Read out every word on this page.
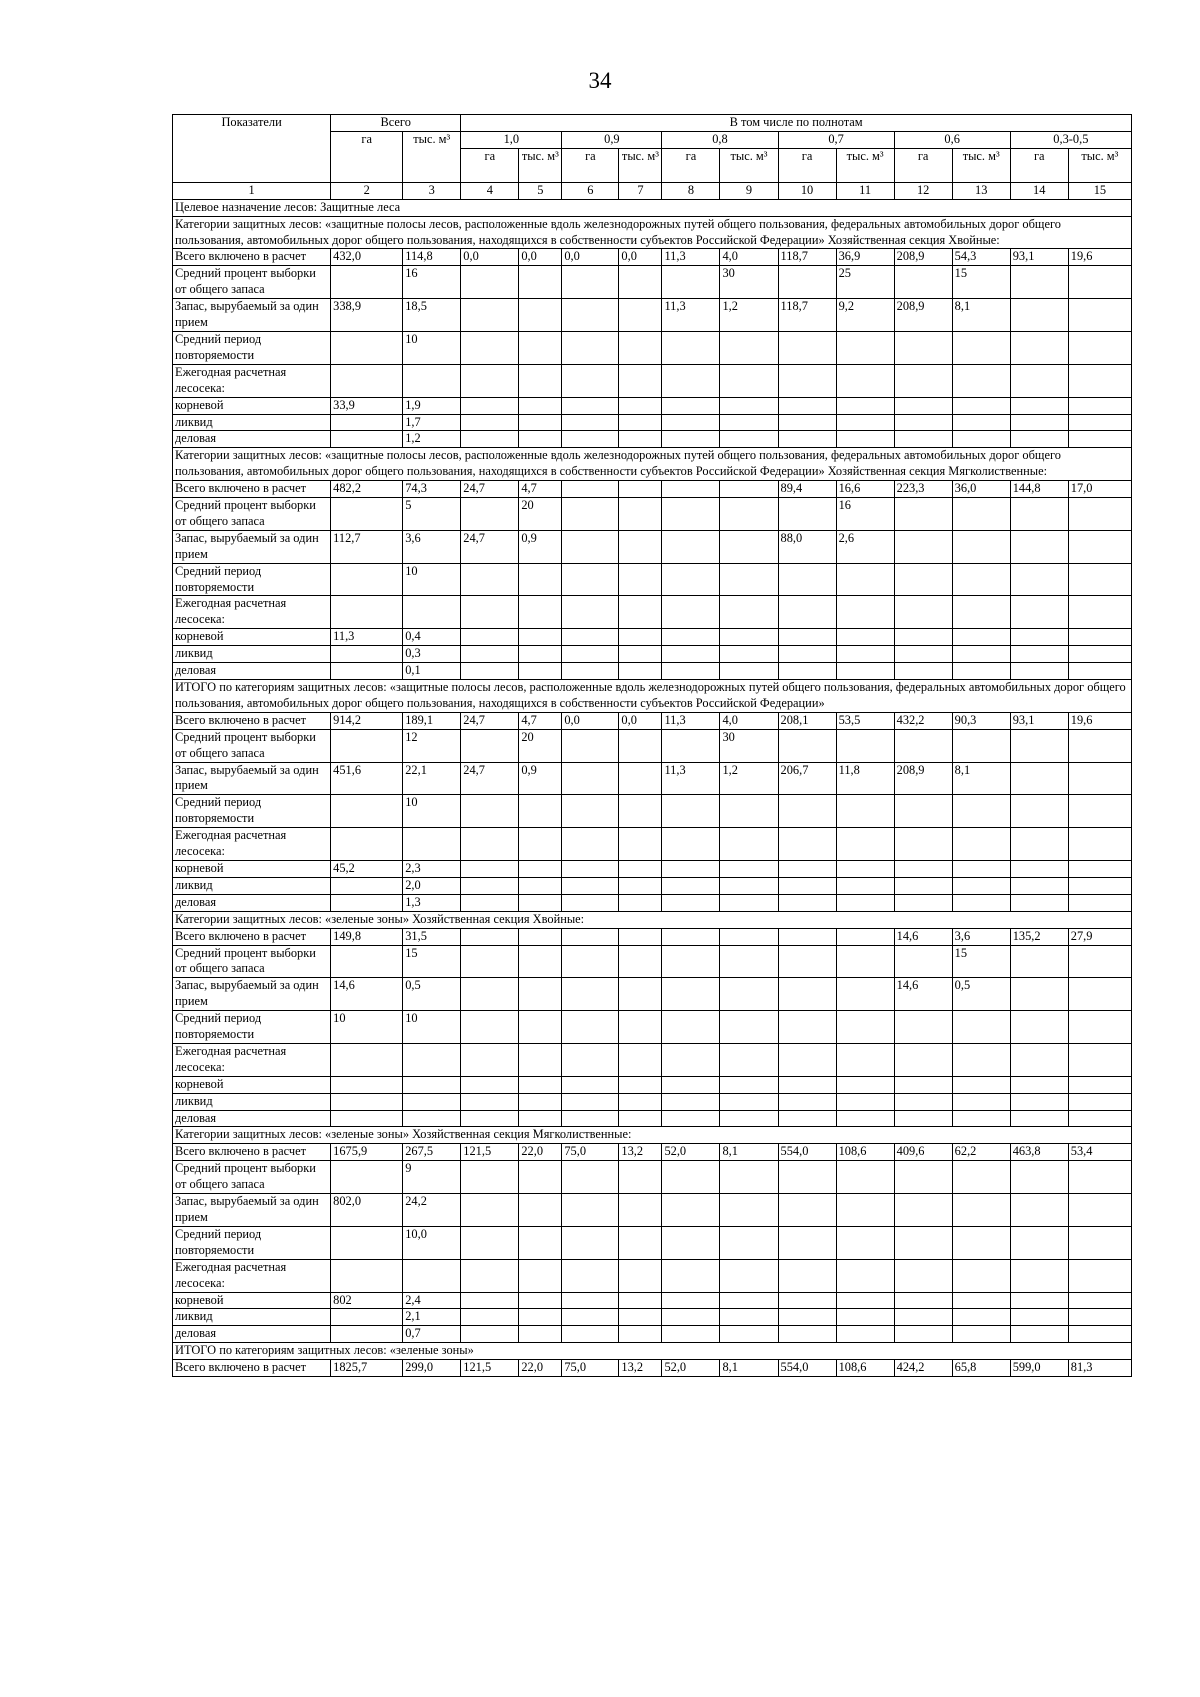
34
Показатели	Всего		В том числе по полнотам											
	га	тыс. м³	1,0		0,9		0,8		0,7		0,6		0,3-0,5	
			га	тыс. м³	га	тыс. м³	га	тыс. м³	га	тыс. м³	га	тыс. м³	га	тыс. м³
1	2	3	4	5	6	7	8	9	10	11	12	13	14	15
Целевое назначение лесов: Защитные леса														
Категории защитных лесов: «защитные полосы лесов, расположенные вдоль железнодорожных путей общего пользования, федеральных автомобильных дорог общего пользования, автомобильных дорог общего пользования, находящихся в собственности субъектов Российской Федерации» Хозяйственная секция Хвойные:														
Всего включено в расчет	432,0	114,8	0,0	0,0	0,0	0,0	11,3	4,0	118,7	36,9	208,9	54,3	93,1	19,6
Средний процент выборки от общего запаса		16						30		25		15		
Запас, вырубаемый за один прием	338,9	18,5					11,3	1,2	118,7	9,2	208,9	8,1		
Средний период повторяемости		10												
Ежегодная расчетная лесосека:														
корневой	33,9	1,9												
ликвид		1,7												
деловая		1,2												
Категории защитных лесов: «защитные полосы лесов, расположенные вдоль железнодорожных путей общего пользования, федеральных автомобильных дорог общего пользования, автомобильных дорог общего пользования, находящихся в собственности субъектов Российской Федерации» Хозяйственная секция Мягколиственные:														
Всего включено в расчет	482,2	74,3	24,7	4,7					89,4	16,6	223,3	36,0	144,8	17,0
Средний процент выборки от общего запаса		5		20						16				
Запас, вырубаемый за один прием	112,7	3,6	24,7	0,9					88,0	2,6				
Средний период повторяемости		10												
Ежегодная расчетная лесосека:														
корневой	11,3	0,4												
ликвид		0,3												
деловая		0,1												
ИТОГО по категориям защитных лесов: «защитные полосы лесов, расположенные вдоль железнодорожных путей общего пользования, федеральных автомобильных дорог общего пользования, автомобильных дорог общего пользования, находящихся в собственности субъектов Российской Федерации»														
Всего включено в расчет	914,2	189,1	24,7	4,7	0,0	0,0	11,3	4,0	208,1	53,5	432,2	90,3	93,1	19,6
Средний процент выборки от общего запаса		12		20				30						
Запас, вырубаемый за один прием	451,6	22,1	24,7	0,9			11,3	1,2	206,7	11,8	208,9	8,1		
Средний период повторяемости		10												
Ежегодная расчетная лесосека:														
корневой	45,2	2,3												
ликвид		2,0												
деловая		1,3												
Категории защитных лесов: «зеленые зоны» Хозяйственная секция Хвойные:														
Всего включено в расчет	149,8	31,5									14,6	3,6	135,2	27,9
Средний процент выборки от общего запаса		15										15		
Запас, вырубаемый за один прием	14,6	0,5									14,6	0,5		
Средний период повторяемости	10	10												
Ежегодная расчетная лесосека:														
корневой														
ликвид														
деловая														
Категории защитных лесов: «зеленые зоны» Хозяйственная секция Мягколиственные:														
Всего включено в расчет	1675,9	267,5	121,5	22,0	75,0	13,2	52,0	8,1	554,0	108,6	409,6	62,2	463,8	53,4
Средний процент выборки от общего запаса		9												
Запас, вырубаемый за один прием	802,0	24,2												
Средний период повторяемости		10,0												
Ежегодная расчетная лесосека:														
корневой	802	2,4												
ликвид		2,1												
деловая		0,7												
ИТОГО по категориям защитных лесов: «зеленые зоны»														
Всего включено в расчет	1825,7	299,0	121,5	22,0	75,0	13,2	52,0	8,1	554,0	108,6	424,2	65,8	599,0	81,3
